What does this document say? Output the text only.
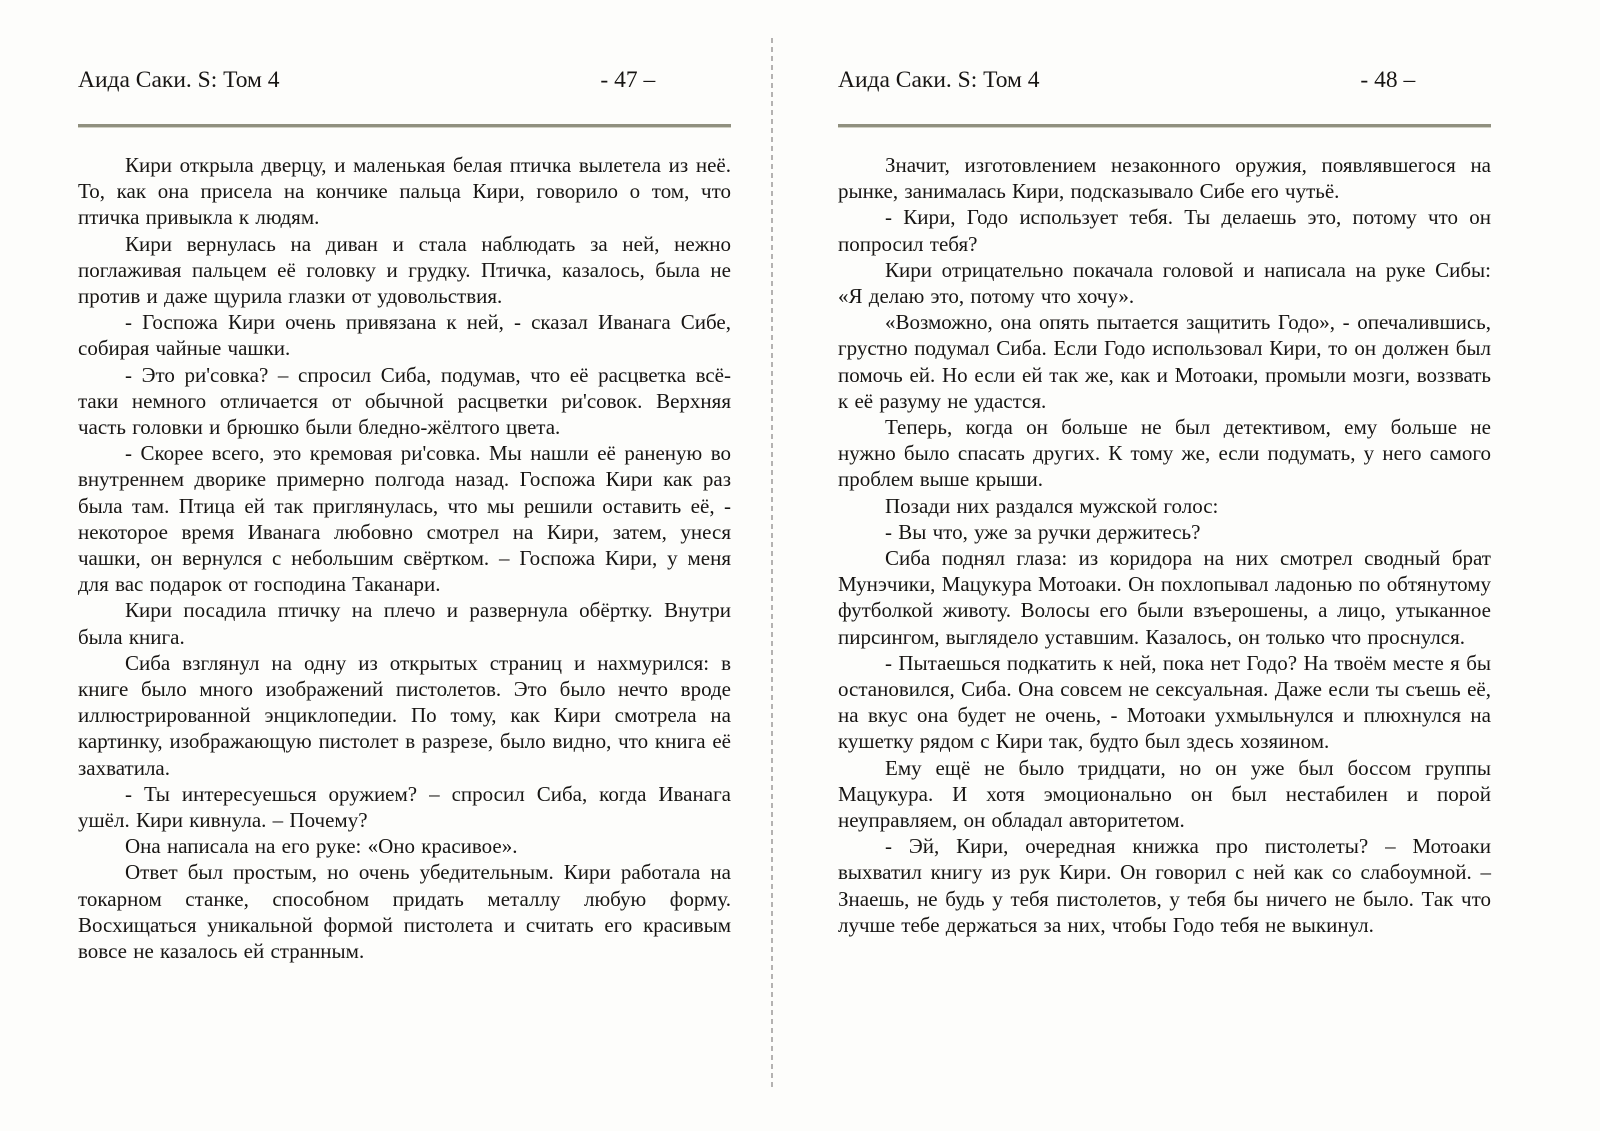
Аида Саки. S: Том 4	- 47 –

Кири открыла дверцу, и маленькая белая птичка вылетела из неё. То, как она присела на кончике пальца Кири, говорило о том, что птичка привыкла к людям.

Кири вернулась на диван и стала наблюдать за ней, нежно поглаживая пальцем её головку и грудку. Птичка, казалось, была не против и даже щурила глазки от удовольствия.

- Госпожа Кири очень привязана к ней, - сказал Иванага Сибе, собирая чайные чашки.

- Это ри'совка? – спросил Сиба, подумав, что её расцветка всё-таки немного отличается от обычной расцветки ри'совок. Верхняя часть головки и брюшко были бледно-жёлтого цвета.

- Скорее всего, это кремовая ри'совка. Мы нашли её раненую во внутреннем дворике примерно полгода назад. Госпожа Кири как раз была там. Птица ей так приглянулась, что мы решили оставить её, - некоторое время Иванага любовно смотрел на Кири, затем, унеся чашки, он вернулся с небольшим свёртком. – Госпожа Кири, у меня для вас подарок от господина Таканари.

Кири посадила птичку на плечо и развернула обёртку. Внутри была книга.

Сиба взглянул на одну из открытых страниц и нахмурился: в книге было много изображений пистолетов. Это было нечто вроде иллюстрированной энциклопедии. По тому, как Кири смотрела на картинку, изображающую пистолет в разрезе, было видно, что книга её захватила.

- Ты интересуешься оружием? – спросил Сиба, когда Иванага ушёл. Кири кивнула. – Почему?

Она написала на его руке: «Оно красивое».

Ответ был простым, но очень убедительным. Кири работала на токарном станке, способном придать металлу любую форму. Восхищаться уникальной формой пистолета и считать его красивым вовсе не казалось ей странным.

Аида Саки. S: Том 4	- 48 –

Значит, изготовлением незаконного оружия, появлявшегося на рынке, занималась Кири, подсказывало Сибе его чутьё.

- Кири, Годо использует тебя. Ты делаешь это, потому что он попросил тебя?

Кири отрицательно покачала головой и написала на руке Сибы: «Я делаю это, потому что хочу».

«Возможно, она опять пытается защитить Годо», - опечалившись, грустно подумал Сиба. Если Годо использовал Кири, то он должен был помочь ей. Но если ей так же, как и Мотоаки, промыли мозги, воззвать к её разуму не удастся.

Теперь, когда он больше не был детективом, ему больше не нужно было спасать других. К тому же, если подумать, у него самого проблем выше крыши.

Позади них раздался мужской голос:

- Вы что, уже за ручки держитесь?

Сиба поднял глаза: из коридора на них смотрел сводный брат Мунэчики, Мацукура Мотоаки. Он похлопывал ладонью по обтянутому футболкой животу. Волосы его были взъерошены, а лицо, утыканное пирсингом, выглядело уставшим. Казалось, он только что проснулся.

- Пытаешься подкатить к ней, пока нет Годо? На твоём месте я бы остановился, Сиба. Она совсем не сексуальная. Даже если ты съешь её, на вкус она будет не очень, - Мотоаки ухмыльнулся и плюхнулся на кушетку рядом с Кири так, будто был здесь хозяином.

Ему ещё не было тридцати, но он уже был боссом группы Мацукура. И хотя эмоционально он был нестабилен и порой неуправляем, он обладал авторитетом.

- Эй, Кири, очередная книжка про пистолеты? – Мотоаки выхватил книгу из рук Кири. Он говорил с ней как со слабоумной. – Знаешь, не будь у тебя пистолетов, у тебя бы ничего не было. Так что лучше тебе держаться за них, чтобы Годо тебя не выкинул.
